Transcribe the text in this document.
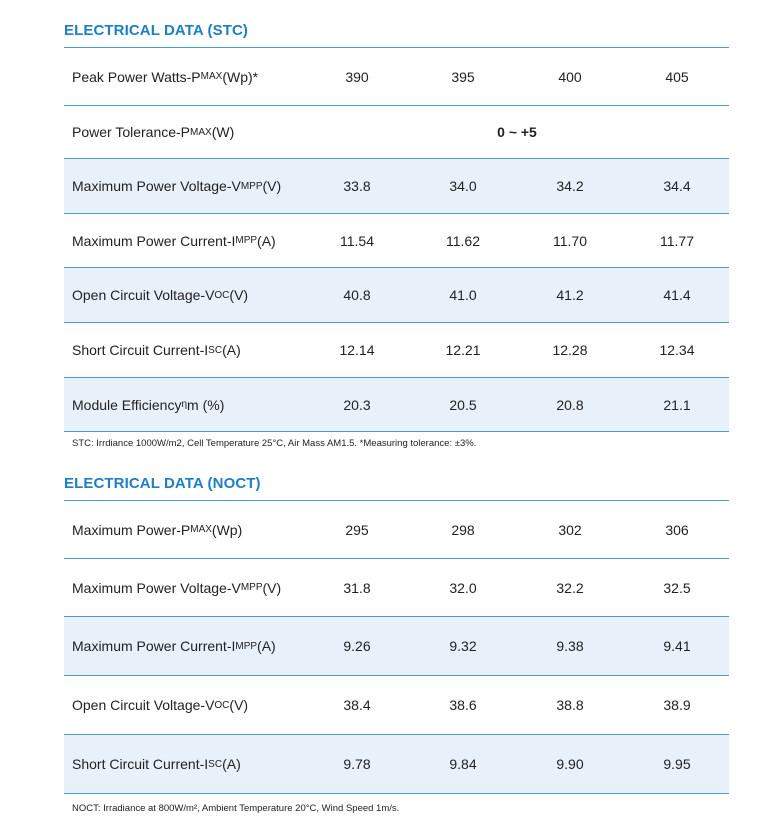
ELECTRICAL DATA (STC)
Peak Power Watts-P MAX (Wp)*	390	395	400	405
Power Tolerance-P MAX (W)	0 ~ +5
Maximum Power Voltage-V MPP (V)	33.8	34.0	34.2	34.4
Maximum Power Current-I MPP (A)	11.54	11.62	11.70	11.77
Open Circuit Voltage-V OC (V)	40.8	41.0	41.2	41.4
Short Circuit Current-I SC (A)	12.14	12.21	12.28	12.34
Module Efficiency η m (%)	20.3	20.5	20.8	21.1
STC: Irrdiance 1000W/m2, Cell Temperature 25°C, Air Mass AM1.5. *Measuring tolerance: ±3%.
ELECTRICAL DATA (NOCT)
Maximum Power-P MAX (Wp)	295	298	302	306
Maximum Power Voltage-V MPP (V)	31.8	32.0	32.2	32.5
Maximum Power Current-I MPP (A)	9.26	9.32	9.38	9.41
Open Circuit Voltage-V OC (V)	38.4	38.6	38.8	38.9
Short Circuit Current-I SC (A)	9.78	9.84	9.90	9.95
NOCT: Irradiance at 800W/m², Ambient Temperature 20°C, Wind Speed 1m/s.
